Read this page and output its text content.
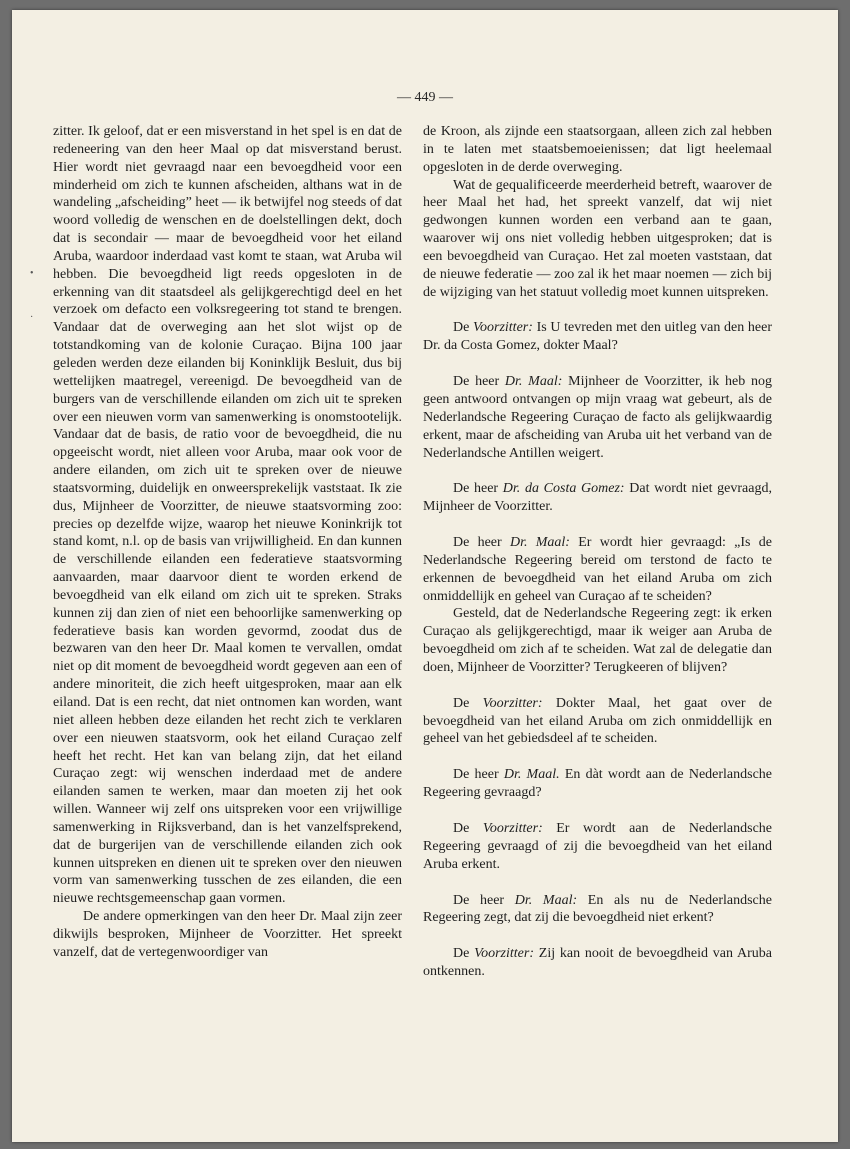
— 449 —

zitter. Ik geloof, dat er een misverstand in het spel is en dat de redeneering van den heer Maal op dat misverstand berust. Hier wordt niet gevraagd naar een bevoegdheid voor een minderheid om zich te kunnen afscheiden, althans wat in de wandeling „afscheiding” heet — ik betwijfel nog steeds of dat woord volledig de wenschen en de doelstellingen dekt, doch dat is secondair — maar de bevoegdheid voor het eiland Aruba, waardoor inderdaad vast komt te staan, wat Aruba wil hebben. Die bevoegdheid ligt reeds opgesloten in de erkenning van dit staatsdeel als gelijkgerechtigd deel en het verzoek om defacto een volksregeering tot stand te brengen. Vandaar dat de overweging aan het slot wijst op de totstandkoming van de kolonie Curaçao. Bijna 100 jaar geleden werden deze eilanden bij Koninklijk Besluit, dus bij wettelijken maatregel, vereenigd. De bevoegdheid van de burgers van de verschillende eilanden om zich uit te spreken over een nieuwen vorm van samenwerking is onomstootelijk. Vandaar dat de basis, de ratio voor de bevoegdheid, die nu opgeeischt wordt, niet alleen voor Aruba, maar ook voor de andere eilanden, om zich uit te spreken over de nieuwe staatsvorming, duidelijk en onweersprekelijk vaststaat. Ik zie dus, Mijnheer de Voorzitter, de nieuwe staatsvorming zoo: precies op dezelfde wijze, waarop het nieuwe Koninkrijk tot stand komt, n.l. op de basis van vrijwilligheid. En dan kunnen de verschillende eilanden een federatieve staatsvorming aanvaarden, maar daarvoor dient te worden erkend de bevoegdheid van elk eiland om zich uit te spreken. Straks kunnen zij dan zien of niet een behoorlijke samenwerking op federatieve basis kan worden gevormd, zoodat dus de bezwaren van den heer Dr. Maal komen te vervallen, omdat niet op dit moment de bevoegdheid wordt gegeven aan een of andere minoriteit, die zich heeft uitgesproken, maar aan elk eiland. Dat is een recht, dat niet ontnomen kan worden, want niet alleen hebben deze eilanden het recht zich te verklaren over een nieuwen staatsvorm, ook het eiland Curaçao zelf heeft het recht. Het kan van belang zijn, dat het eiland Curaçao zegt: wij wenschen inderdaad met de andere eilanden samen te werken, maar dan moeten zij het ook willen. Wanneer wij zelf ons uitspreken voor een vrijwillige samenwerking in Rijksverband, dan is het vanzelfsprekend, dat de burgerijen van de verschillende eilanden zich ook kunnen uitspreken en dienen uit te spreken over den nieuwen vorm van samenwerking tusschen de zes eilanden, die een nieuwe rechtsgemeenschap gaan vormen.

De andere opmerkingen van den heer Dr. Maal zijn zeer dikwijls besproken, Mijnheer de Voorzitter. Het spreekt vanzelf, dat de vertegenwoordiger van

de Kroon, als zijnde een staatsorgaan, alleen zich zal hebben in te laten met staatsbemoeienissen; dat ligt heelemaal opgesloten in de derde overweging.

Wat de gequalificeerde meerderheid betreft, waarover de heer Maal het had, het spreekt vanzelf, dat wij niet gedwongen kunnen worden een verband aan te gaan, waarover wij ons niet volledig hebben uitgesproken; dat is een bevoegdheid van Curaçao. Het zal moeten vaststaan, dat de nieuwe federatie — zoo zal ik het maar noemen — zich bij de wijziging van het statuut volledig moet kunnen uitspreken.

De Voorzitter: Is U tevreden met den uitleg van den heer Dr. da Costa Gomez, dokter Maal?

De heer Dr. Maal: Mijnheer de Voorzitter, ik heb nog geen antwoord ontvangen op mijn vraag wat gebeurt, als de Nederlandsche Regeering Curaçao de facto als gelijkwaardig erkent, maar de afscheiding van Aruba uit het verband van de Nederlandsche Antillen weigert.

De heer Dr. da Costa Gomez: Dat wordt niet gevraagd, Mijnheer de Voorzitter.

De heer Dr. Maal: Er wordt hier gevraagd: „Is de Nederlandsche Regeering bereid om terstond de facto te erkennen de bevoegdheid van het eiland Aruba om zich onmiddellijk en geheel van Curaçao af te scheiden?

Gesteld, dat de Nederlandsche Regeering zegt: ik erken Curaçao als gelijkgerechtigd, maar ik weiger aan Aruba de bevoegdheid om zich af te scheiden. Wat zal de delegatie dan doen, Mijnheer de Voorzitter? Terugkeeren of blijven?

De Voorzitter: Dokter Maal, het gaat over de bevoegdheid van het eiland Aruba om zich onmiddellijk en geheel van het gebiedsdeel af te scheiden.

De heer Dr. Maal. En dàt wordt aan de Nederlandsche Regeering gevraagd?

De Voorzitter: Er wordt aan de Nederlandsche Regeering gevraagd of zij die bevoegdheid van het eiland Aruba erkent.

De heer Dr. Maal: En als nu de Nederlandsche Regeering zegt, dat zij die bevoegdheid niet erkent?

De Voorzitter: Zij kan nooit de bevoegdheid van Aruba ontkennen.

•
·
